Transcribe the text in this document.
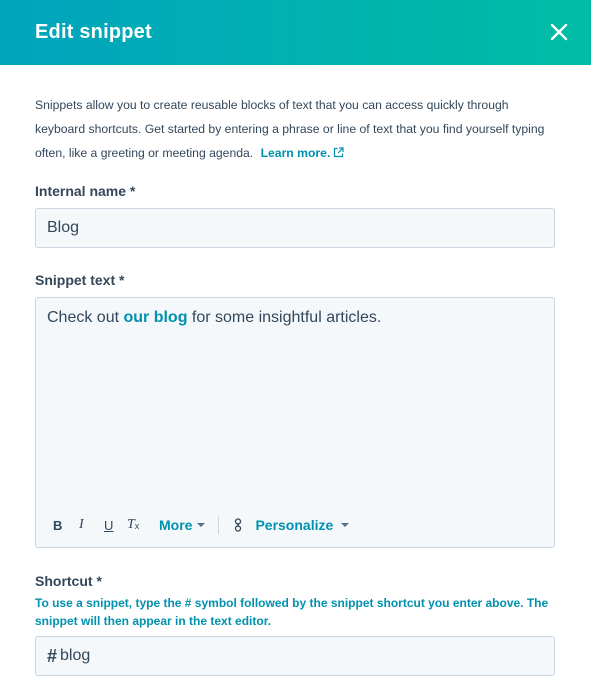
Edit snippet

Snippets allow you to create reusable blocks of text that you can access quickly through keyboard shortcuts. Get started by entering a phrase or line of text that you find yourself typing often, like a greeting or meeting agenda. Learn more.

Internal name *
Blog
Snippet text *
Check out our blog for some insightful articles.
B	I	U $T_x$ More	Personalize
Shortcut *
To use a snippet, type the # symbol followed by the snippet shortcut you enter above. The snippet will then appear in the text editor.
# blog
